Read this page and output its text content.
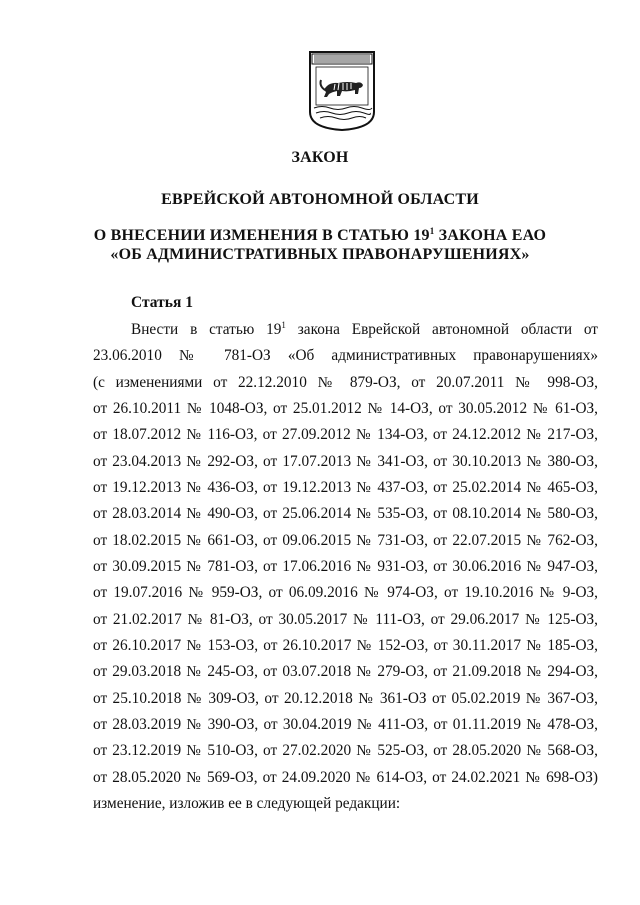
ЗАКОН
ЕВРЕЙСКОЙ АВТОНОМНОЙ ОБЛАСТИ
О ВНЕСЕНИИ ИЗМЕНЕНИЯ В СТАТЬЮ $19^1$ ЗАКОНА ЕАО
«ОБ АДМИНИСТРАТИВНЫХ ПРАВОНАРУШЕНИЯХ»
Статья 1
Внести в статью $19^1$ закона Еврейской автономной области от
23.06.2010 № 781-ОЗ «Об административных правонарушениях»
(с изменениями от 22.12.2010 № 879-ОЗ, от 20.07.2011 № 998-ОЗ,
от 26.10.2011 № 1048-ОЗ, от 25.01.2012 № 14-ОЗ, от 30.05.2012 № 61-ОЗ,
от 18.07.2012 № 116-ОЗ, от 27.09.2012 № 134-ОЗ, от 24.12.2012 № 217-ОЗ,
от 23.04.2013 № 292-ОЗ, от 17.07.2013 № 341-ОЗ, от 30.10.2013 № 380-ОЗ,
от 19.12.2013 № 436-ОЗ, от 19.12.2013 № 437-ОЗ, от 25.02.2014 № 465-ОЗ,
от 28.03.2014 № 490-ОЗ, от 25.06.2014 № 535-ОЗ, от 08.10.2014 № 580-ОЗ,
от 18.02.2015 № 661-ОЗ, от 09.06.2015 № 731-ОЗ, от 22.07.2015 № 762-ОЗ,
от 30.09.2015 № 781-ОЗ, от 17.06.2016 № 931-ОЗ, от 30.06.2016 № 947-ОЗ,
от 19.07.2016 № 959-ОЗ, от 06.09.2016 № 974-ОЗ, от 19.10.2016 № 9-ОЗ,
от 21.02.2017 № 81-ОЗ, от 30.05.2017 № 111-ОЗ, от 29.06.2017 № 125-ОЗ,
от 26.10.2017 № 153-ОЗ, от 26.10.2017 № 152-ОЗ, от 30.11.2017 № 185-ОЗ,
от 29.03.2018 № 245-ОЗ, от 03.07.2018 № 279-ОЗ, от 21.09.2018 № 294-ОЗ,
от 25.10.2018 № 309-ОЗ, от 20.12.2018 № 361-ОЗ от 05.02.2019 № 367-ОЗ,
от 28.03.2019 № 390-ОЗ, от 30.04.2019 № 411-ОЗ, от 01.11.2019 № 478-ОЗ,
от 23.12.2019 № 510-ОЗ, от 27.02.2020 № 525-ОЗ, от 28.05.2020 № 568-ОЗ,
от 28.05.2020 № 569-ОЗ, от 24.09.2020 № 614-ОЗ, от 24.02.2021 № 698-ОЗ)
изменение, изложив ее в следующей редакции:
